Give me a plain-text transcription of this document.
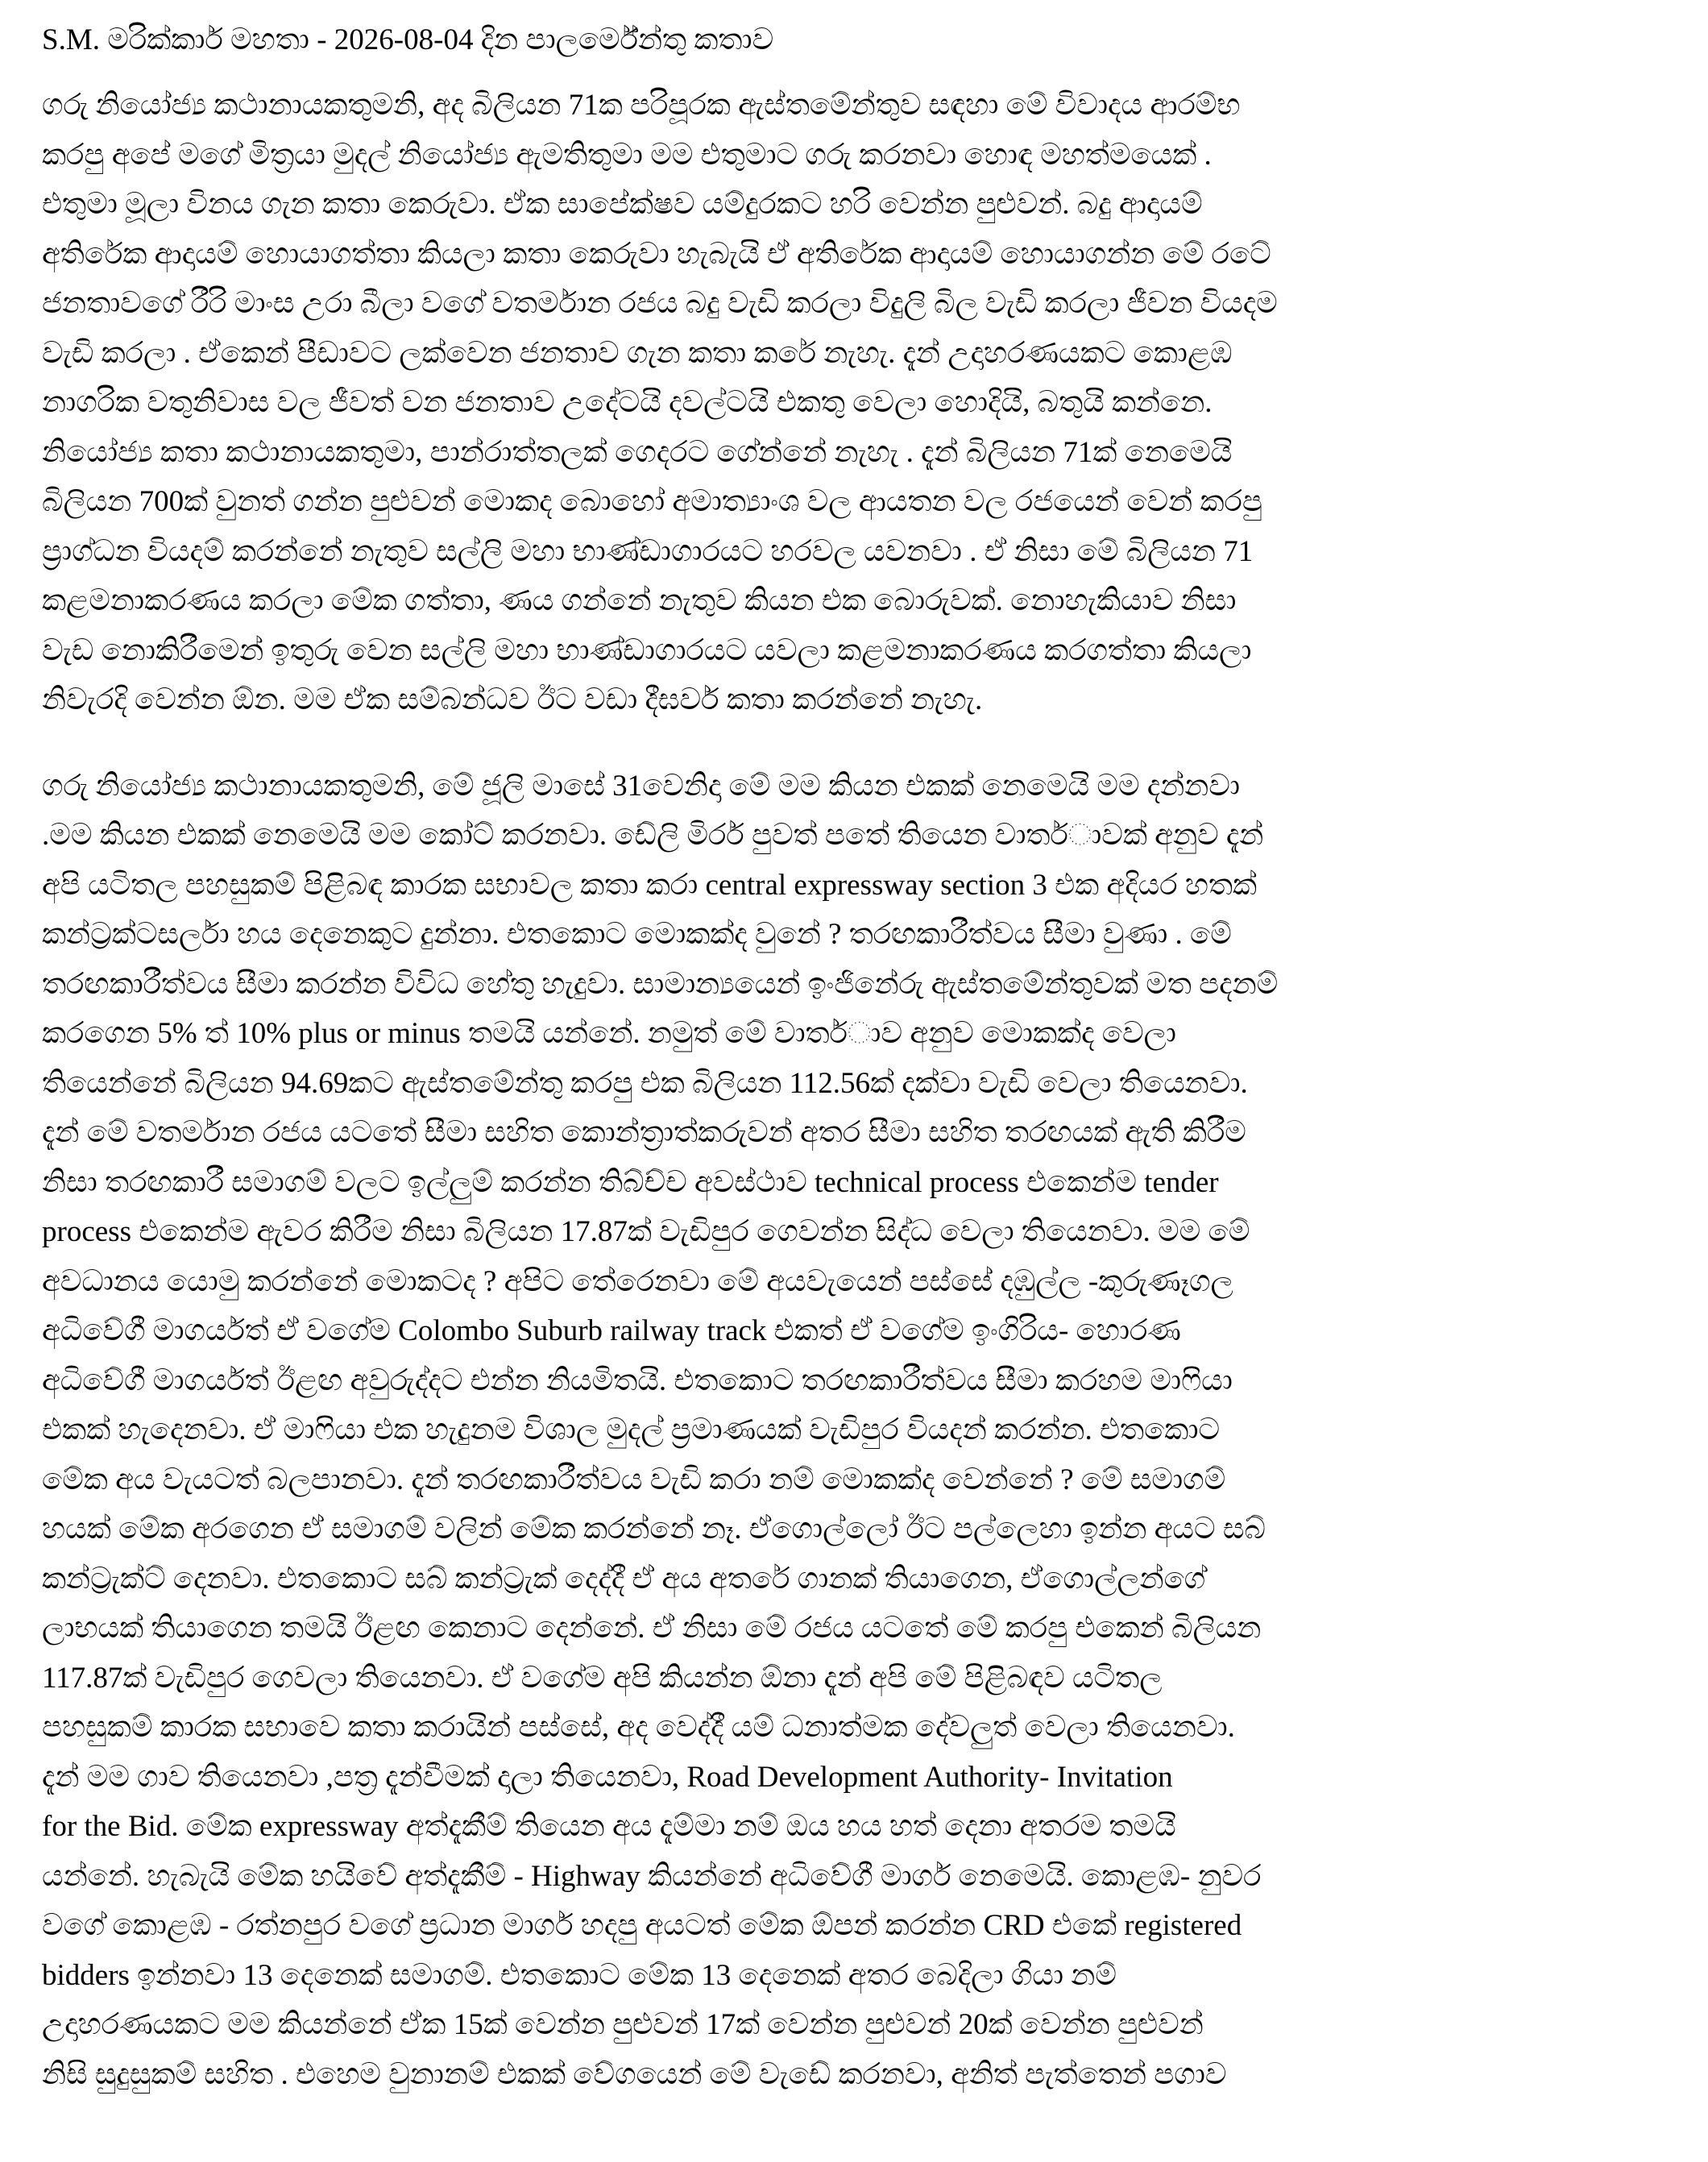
S.M. මරික්කාර් මහතා - 2026-08-04 දින පාලර්මේන්තු කතාව
ගරු නියෝජ්‍ය කථානායකතුමනි, අද බිලියන 71ක පරිපූරක ඇස්තමේන්තුව සඳහා මේ විවාදය ආරම්භ
කරපු අපේ මගේ මිත්‍රයා මුදල් නියෝජ්‍ය ඇමතිතුමා මම එතුමාට ගරු කරනවා හොඳ මහත්මයෙක් .
එතුමා මූලා විනය ගැන කතා කෙරුවා. ඒක සාපේක්ෂව යම්දුරකට හරි වෙන්න පුළුවන්. බදු ආදායම්
අතිරේක ආදායම් හොයාගත්තා කියලා කතා කෙරුවා හැබැයි ඒ අතිරේක ආදායම් හොයාගන්න මේ රටේ
ජනතාවගේ රීරි මාංස උරා බීලා වගේ වතර්මාන රජය බදු වැඩි කරලා විදුලි බිල වැඩි කරලා ජීවන වියදම
වැඩි කරලා . ඒකෙන් පීඩාවට ලක්වෙන ජනතාව ගැන කතා කරේ නැහැ. දැන් උදාහරණයකට කොළඹ
නාගරික වතුනිවාස වල ජීවත් වන ජනතාව උදේටයි දවල්ටයි එකතු වෙලා හොදියි, බතුයි කන්නෙ.
නියෝජ්‍ය කතා කථානායකතුමා, පාන්රාත්තලක් ගෙදරට ගේන්නේ නැහැ . දැන් බිලියන 71ක් නෙමෙයි
බිලියන 700ක් වුනත් ගන්න පුළුවන් මොකද බොහෝ අමාත්‍යාංශ වල ආයතන වල රජයෙන් වෙන් කරපු
ප්‍රාග්ධන වියදම් කරන්නේ නැතුව සල්ලි මහා භාණ්ඩාගාරයට හරවල යවනවා . ඒ නිසා මේ බිලියන 71
කළමනාකරණය කරලා මේක ගත්තා, ණය ගන්නේ නැතුව කියන එක බොරුවක්. නොහැකියාව නිසා
වැඩ නොකිරීමෙන් ඉතුරු වෙන සල්ලි මහා භාණ්ඩාගාරයට යවලා කළමනාකරණය කරගත්තා කියලා
නිවැරදි වෙන්න ඕන. මම ඒක සම්බන්ධව ඊට වඩා දීඝර්ව කතා කරන්නේ නැහැ.
ගරු නියෝජ්‍ය කථානායකතුමනි, මේ ජූලි මාසේ 31වෙනිදා මේ මම කියන එකක් නෙමෙයි මම දන්නවා
.මම කියන එකක් නෙමෙයි මම කෝට් කරනවා. ඩේලි මිරර් පුවත් පතේ තියෙන වාතර්ාවක් අනුව දැන්
අපි යටිතල පහසුකම් පිළිබඳ කාරක සභාවල කතා කරා central expressway section 3 එක අදියර හතක්
කන්ට්‍රක්ටසර්ලා හය දෙනෙකුට දුන්නා. එතකොට මොකක්ද වුනේ ? තරඟකාරීත්වය සීමා වුණා . මේ
තරඟකාරීත්වය සීමා කරන්න විවිධ හේතු හැදුවා. සාමාන්‍යයෙන් ඉංජිනේරු ඇස්තමේන්තුවක් මත පදනම්
කරගෙන 5% ත් 10% plus or minus තමයි යන්නේ. නමුත් මේ වාතර්ාව අනුව මොකක්ද වෙලා
තියෙන්නේ බිලියන 94.69කට ඇස්තමේන්තු කරපු එක බිලියන 112.56ක් දක්වා වැඩි වෙලා තියෙනවා.
දැන් මේ වතර්මාන රජය යටතේ සීමා සහිත කොන්ත්‍රාත්කරුවන් අතර සීමා සහිත තරඟයක් ඇති කිරීම
නිසා තරඟකාරී සමාගම් වලට ඉල්ලුම් කරන්න තිබ්ච්ච අවස්ථාව technical process එකෙන්ම tender
process එකෙන්ම ඇවර කිරීම නිසා බිලියන 17.87ක් වැඩිපුර ගෙවන්න සිද්ධ වෙලා තියෙනවා. මම මේ
අවධානය යොමු කරන්නේ මොකටද ? අපිට තේරෙනවා මේ අයවැයෙන් පස්සේ දඹුල්ල -කුරුණෑගල
අධිවේගී මාගර්යත් ඒ වගේම Colombo Suburb railway track එකත් ඒ වගේම ඉංගිරිය- හොරණ
අධිවේගී මාගර්යත් ඊළඟ අවුරුද්දට එන්න නියමිතයි. එතකොට තරඟකාරීත්වය සීමා කරහම මාෆියා
එකක් හැදෙනවා. ඒ මාෆියා එක හැදුනම විශාල මුදල් ප්‍රමාණයක් වැඩිපුර වියදන් කරන්න. එතකොට
මේක අය වැයටත් බලපානවා. දැන් තරඟකාරීත්වය වැඩි කරා නම් මොකක්ද වෙන්නේ ? මේ සමාගම්
හයක් මේක අරගෙන ඒ සමාගම් වලින් මේක කරන්නේ නෑ. ඒගොල්ලෝ ඊට පල්ලෙහා ඉන්න අයට සබ්
කන්ට්‍රැක්ට් දෙනවා. එතකොට සබ් කන්ට්‍රැක් දෙද්දී ඒ අය අතරේ ගානක් තියාගෙන, ඒගොල්ලන්ගේ
ලාභයක් තියාගෙන තමයි ඊළඟ කෙනාට දෙන්නේ. ඒ නිසා මේ රජය යටතේ මේ කරපු එකෙන් බිලියන
117.87ක් වැඩිපුර ගෙවලා තියෙනවා. ඒ වගේම අපි කියන්න ඕනා දැන් අපි මේ පිළිබඳව යටිතල
පහසුකම් කාරක සභාවෙ කතා කරායින් පස්සේ, අද වෙද්දී යම් ධනාත්මක දේවලුත් වෙලා තියෙනවා.
දැන් මම ගාව තියෙනවා ,පත්‍ර දැන්වීමක් දාලා තියෙනවා, Road Development Authority- Invitation
for the Bid. මේක expressway අත්දැකීම් තියෙන අය දැම්මා නම් ඔය හය හත් දෙනා අතරම තමයි
යන්නේ. හැබැයි මේක හයිවේ අත්දැකීම් - Highway කියන්නේ අධිවේගී මාගර් නෙමෙයි. කොළඹ- නුවර
වගේ කොළඹ - රත්නපුර වගේ ප්‍රධාන මාගර් හදපු අයටත් මේක ඕපන් කරන්න CRD එකේ registered
bidders ඉන්නවා 13 දෙනෙක් සමාගම්. එතකොට මේක 13 දෙනෙක් අතර බෙදිලා ගියා නම්
උදාහරණයකට මම කියන්නේ ඒක 15ක් වෙන්න පුළුවන් 17ක් වෙන්න පුළුවන් 20ක් වෙන්න පුළුවන්
නිසි සුදුසුකම් සහිත . එහෙම වුනානම් එකක් වේගයෙන් මේ වැඩේ කරනවා, අනිත් පැත්තෙන් පගාව
